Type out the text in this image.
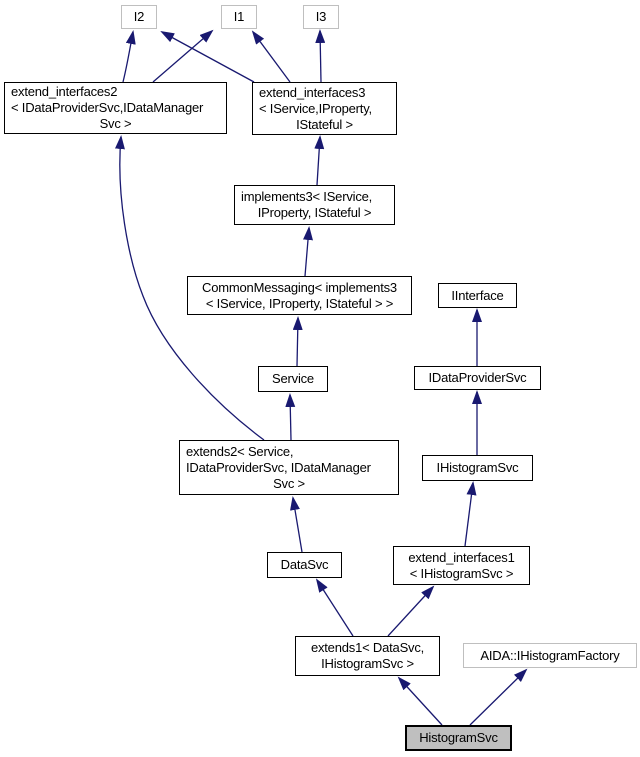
I2	I1	I3
extend_interfaces2
< IDataProviderSvc,IDataManager
Svc >
extend_interfaces3
< IService,IProperty,
IStateful >
implements3< IService,
IProperty, IStateful >
CommonMessaging< implements3
< IService, IProperty, IStateful > >
IInterface
Service	IDataProviderSvc
extends2< Service,
IDataProviderSvc, IDataManager
Svc >
IHistogramSvc
DataSvc	extend_interfaces1
< IHistogramSvc >
extends1< DataSvc,
IHistogramSvc >
AIDA::IHistogramFactory
HistogramSvc
